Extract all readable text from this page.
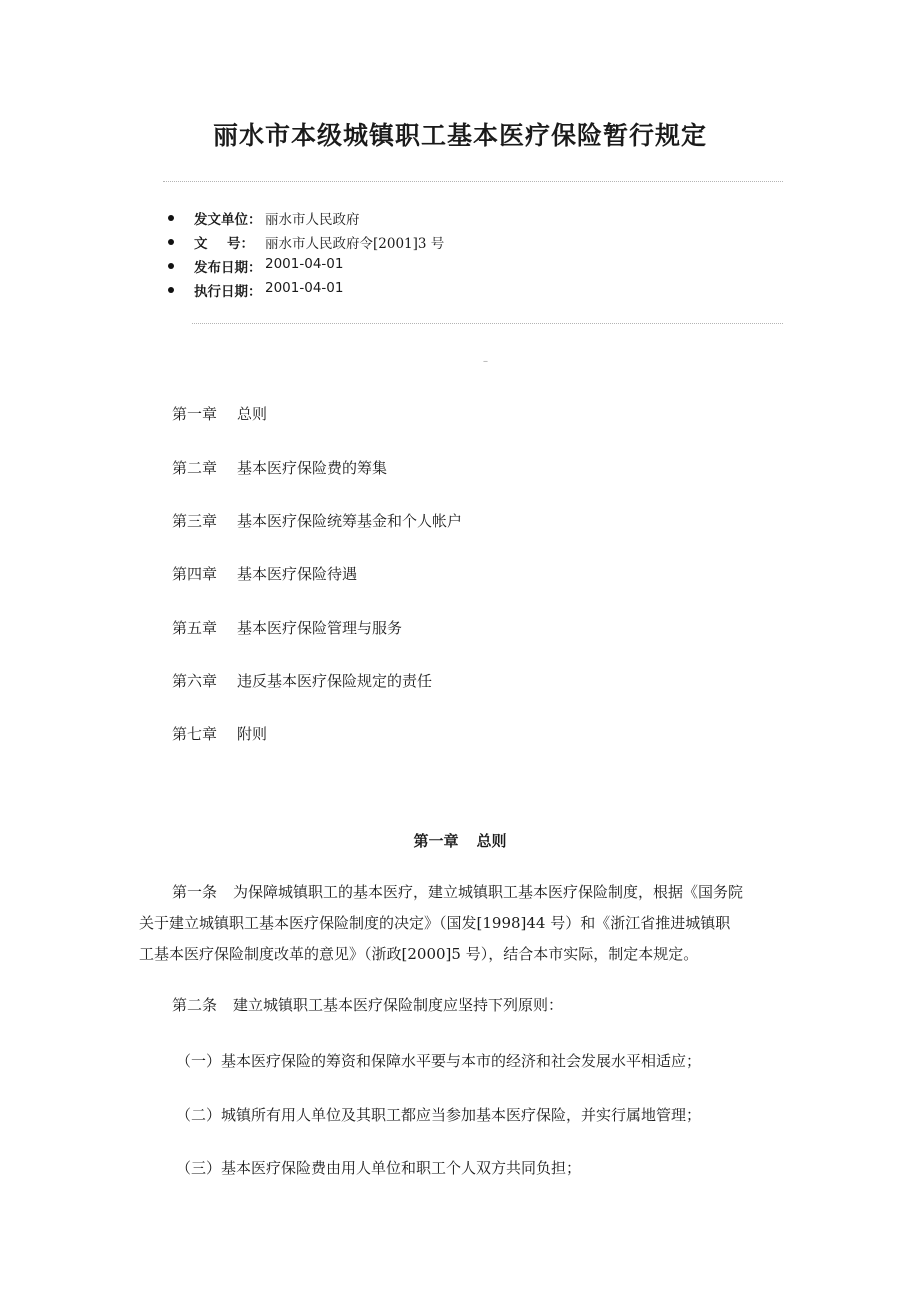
丽水市本级城镇职工基本医疗保险暂行规定
发文单位： 丽水市人民政府
文 号： 丽水市人民政府令[2001]3 号
发布日期： 2001-04-01
执行日期： 2001-04-01
–
第一章 总则
第二章 基本医疗保险费的筹集
第三章 基本医疗保险统筹基金和个人帐户
第四章 基本医疗保险待遇
第五章 基本医疗保险管理与服务
第六章 违反基本医疗保险规定的责任
第七章 附则
第一章 总则
第一条 为保障城镇职工的基本医疗，建立城镇职工基本医疗保险制度，根据《国务院
关于建立城镇职工基本医疗保险制度的决定》（国发[1998]44 号）和《浙江省推进城镇职
工基本医疗保险制度改革的意见》（浙政[2000]5 号），结合本市实际，制定本规定。
第二条 建立城镇职工基本医疗保险制度应坚持下列原则：
（一）基本医疗保险的筹资和保障水平要与本市的经济和社会发展水平相适应；
（二）城镇所有用人单位及其职工都应当参加基本医疗保险，并实行属地管理；
（三）基本医疗保险费由用人单位和职工个人双方共同负担；
